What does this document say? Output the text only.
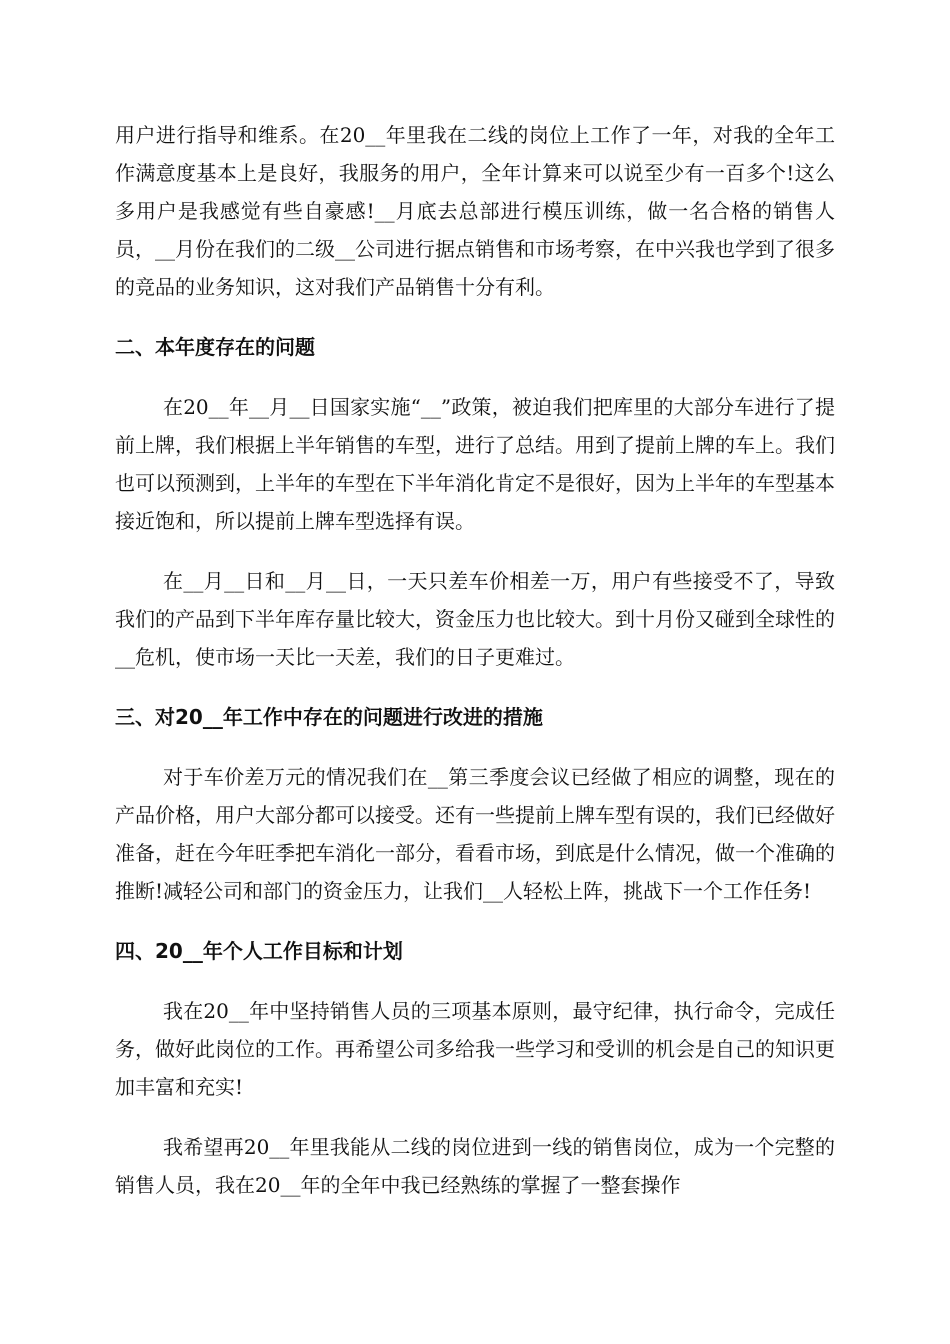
用户进行指导和维系。在20__年里我在二线的岗位上工作了一年，对我的全年工作满意度基本上是良好，我服务的用户，全年计算来可以说至少有一百多个!这么多用户是我感觉有些自豪感!__月底去总部进行模压训练，做一名合格的销售人员，__月份在我们的二级__公司进行据点销售和市场考察，在中兴我也学到了很多的竞品的业务知识，这对我们产品销售十分有利。

二、本年度存在的问题

在20__年__月__日国家实施“__”政策，被迫我们把库里的大部分车进行了提前上牌，我们根据上半年销售的车型，进行了总结。用到了提前上牌的车上。我们也可以预测到，上半年的车型在下半年消化肯定不是很好，因为上半年的车型基本接近饱和，所以提前上牌车型选择有误。

在__月__日和__月__日，一天只差车价相差一万，用户有些接受不了，导致我们的产品到下半年库存量比较大，资金压力也比较大。到十月份又碰到全球性的__危机，使市场一天比一天差，我们的日子更难过。

三、对20__年工作中存在的问题进行改进的措施

对于车价差万元的情况我们在__第三季度会议已经做了相应的调整，现在的产品价格，用户大部分都可以接受。还有一些提前上牌车型有误的，我们已经做好准备，赶在今年旺季把车消化一部分，看看市场，到底是什么情况，做一个准确的推断!减轻公司和部门的资金压力，让我们__人轻松上阵，挑战下一个工作任务!

四、20__年个人工作目标和计划

我在20__年中坚持销售人员的三项基本原则，最守纪律，执行命令，完成任务，做好此岗位的工作。再希望公司多给我一些学习和受训的机会是自己的知识更加丰富和充实!

我希望再20__年里我能从二线的岗位进到一线的销售岗位，成为一个完整的销售人员，我在20__年的全年中我已经熟练的掌握了一整套操作
